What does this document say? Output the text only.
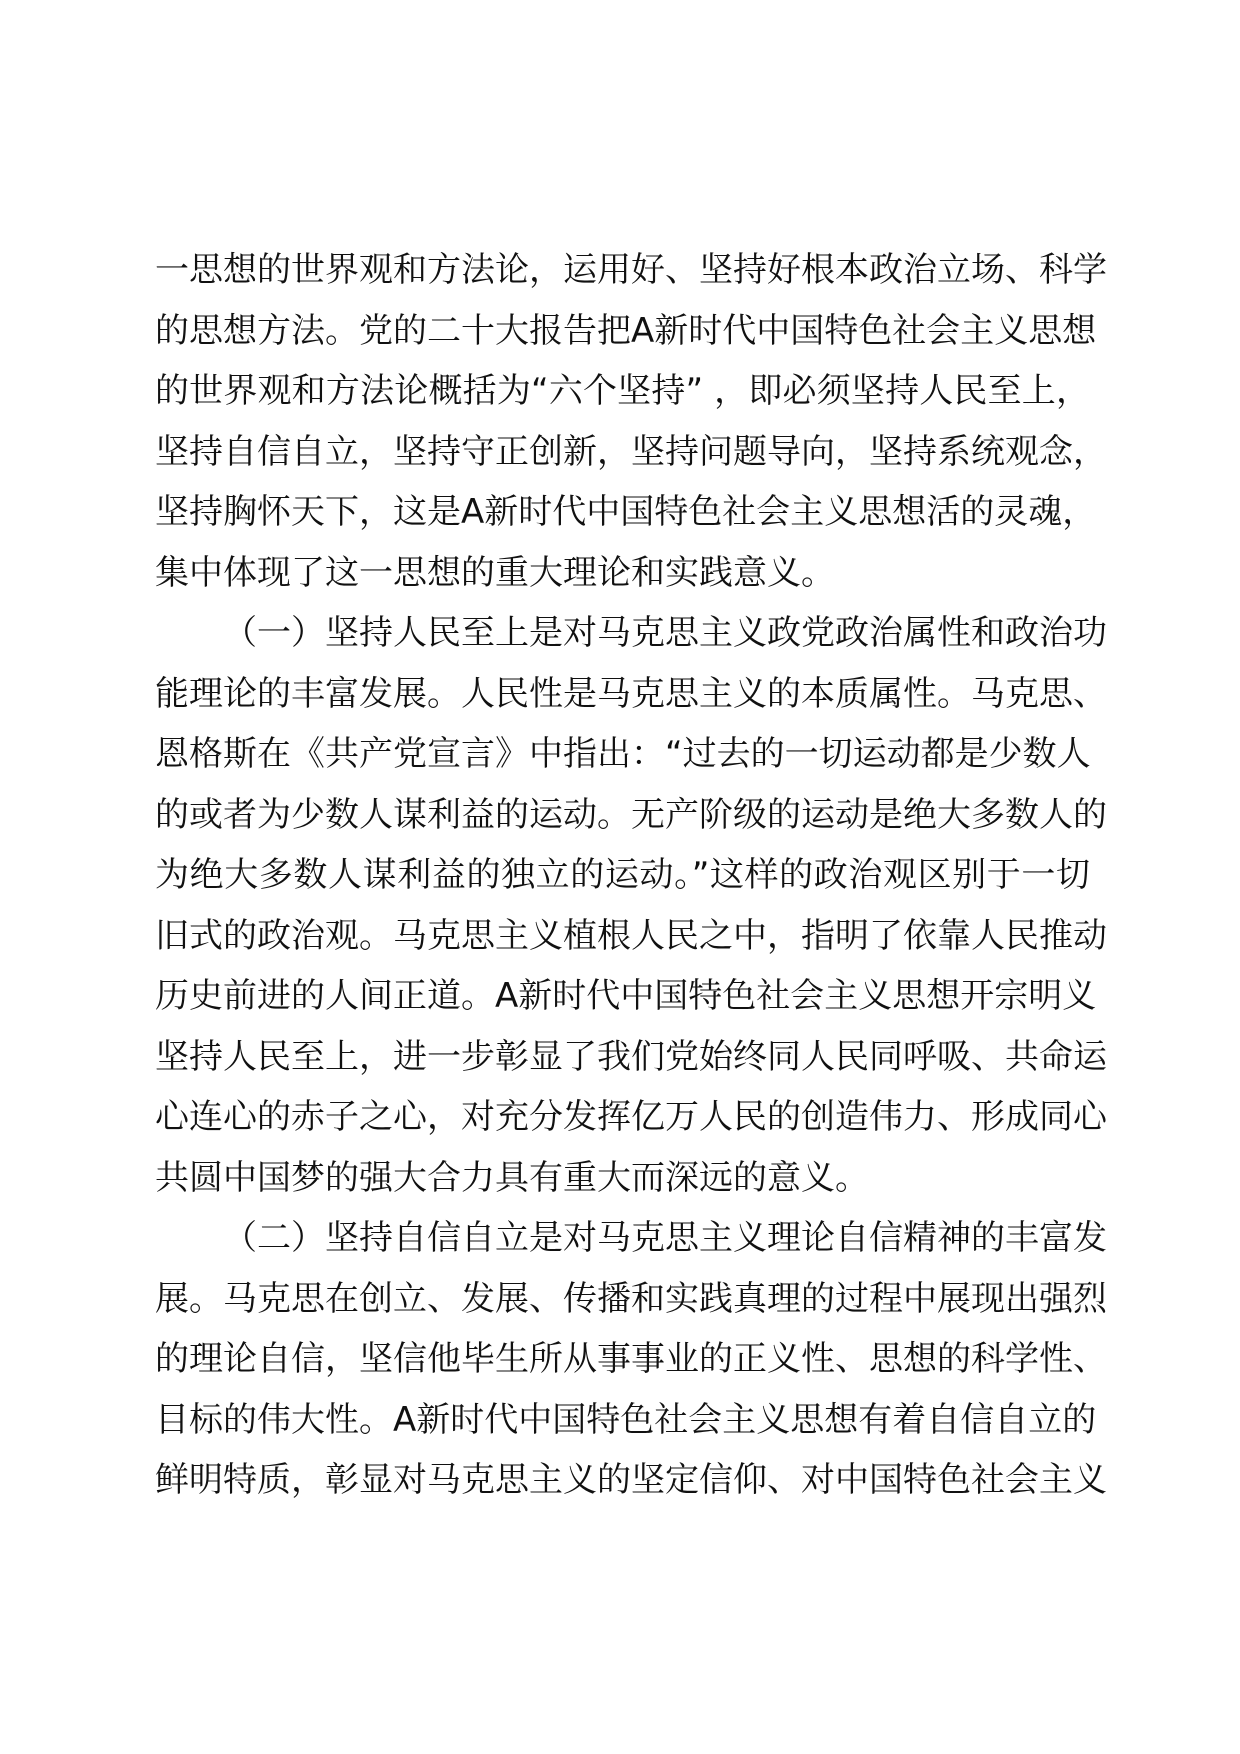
一思想的世界观和方法论，运用好、坚持好根本政治立场、科学
的思想方法。党的二十大报告把A新时代中国特色社会主义思想
的世界观和方法论概括为“六个坚持” ，即必须坚持人民至上，
坚持自信自立，坚持守正创新，坚持问题导向，坚持系统观念，
坚持胸怀天下，这是A新时代中国特色社会主义思想活的灵魂，
集中体现了这一思想的重大理论和实践意义。
（一）坚持人民至上是对马克思主义政党政治属性和政治功
能理论的丰富发展。人民性是马克思主义的本质属性。马克思、
恩格斯在《共产党宣言》中指出：“过去的一切运动都是少数人
的或者为少数人谋利益的运动。无产阶级的运动是绝大多数人的
为绝大多数人谋利益的独立的运动。”这样的政治观区别于一切
旧式的政治观。马克思主义植根人民之中，指明了依靠人民推动
历史前进的人间正道。A新时代中国特色社会主义思想开宗明义
坚持人民至上，进一步彰显了我们党始终同人民同呼吸、共命运
心连心的赤子之心，对充分发挥亿万人民的创造伟力、形成同心
共圆中国梦的强大合力具有重大而深远的意义。
（二）坚持自信自立是对马克思主义理论自信精神的丰富发
展。马克思在创立、发展、传播和实践真理的过程中展现出强烈
的理论自信，坚信他毕生所从事事业的正义性、思想的科学性、
目标的伟大性。A新时代中国特色社会主义思想有着自信自立的
鲜明特质，彰显对马克思主义的坚定信仰、对中国特色社会主义
